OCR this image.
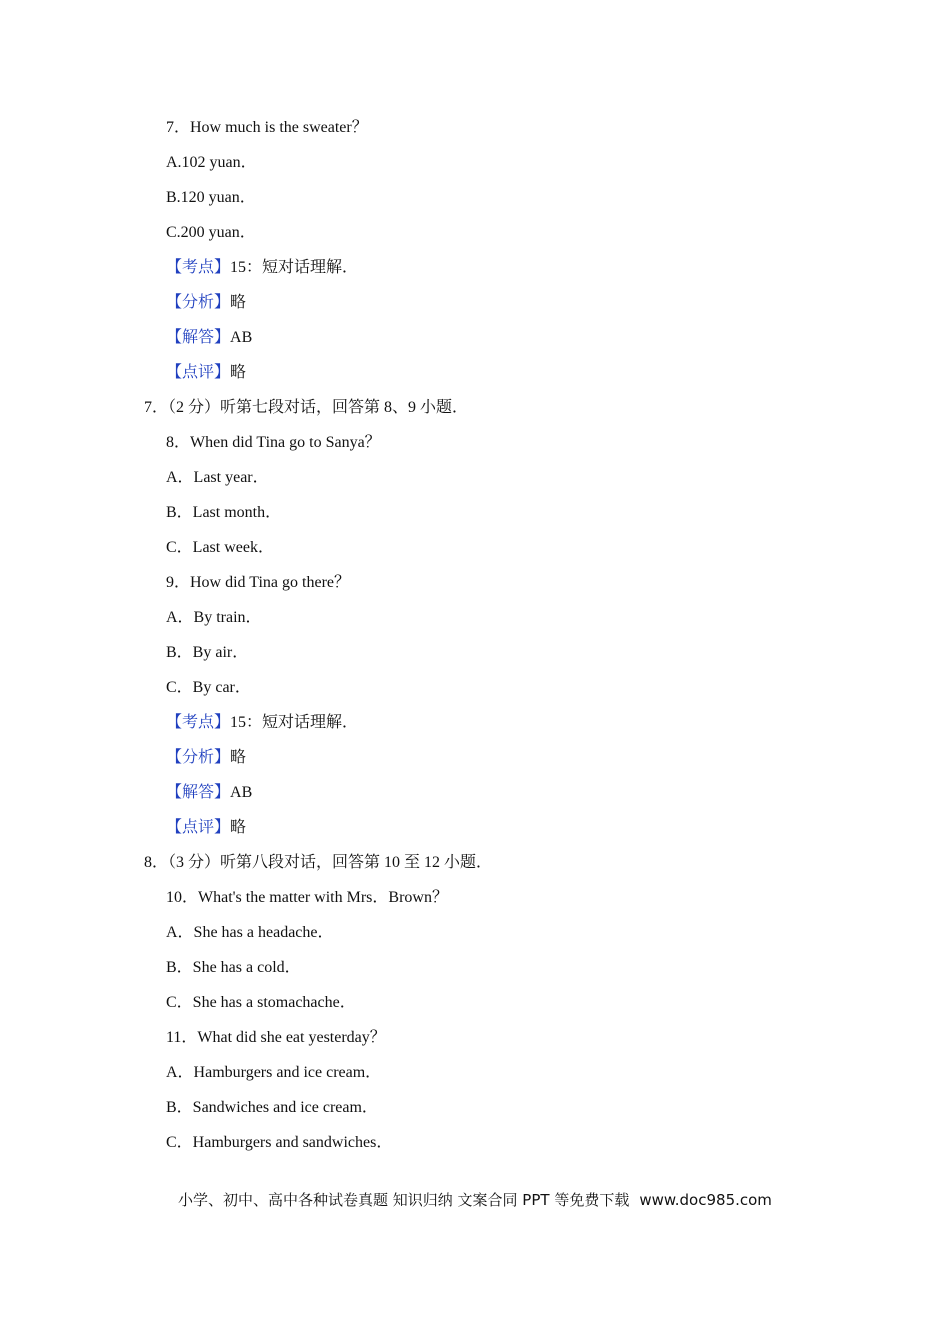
7．How much is the sweater？
A.102 yuan．
B.120 yuan．
C.200 yuan．
【考点】15：短对话理解．
【分析】略
【解答】AB
【点评】略
7．（2 分）听第七段对话，回答第 8、9 小题．
8．When did Tina go to Sanya？
A．Last year．
B．Last month．
C．Last week．
9．How did Tina go there？
A．By train．
B．By air．
C．By car．
【考点】15：短对话理解．
【分析】略
【解答】AB
【点评】略
8．（3 分）听第八段对话，回答第 10 至 12 小题．
10．What's the matter with Mrs．Brown？
A．She has a headache．
B．She has a cold．
C．She has a stomachache．
11．What did she eat yesterday？
A．Hamburgers and ice cream．
B．Sandwiches and ice cream．
C．Hamburgers and sandwiches．
小学、初中、高中各种试卷真题 知识归纳 文案合同 PPT 等免费下载 www.doc985.com
